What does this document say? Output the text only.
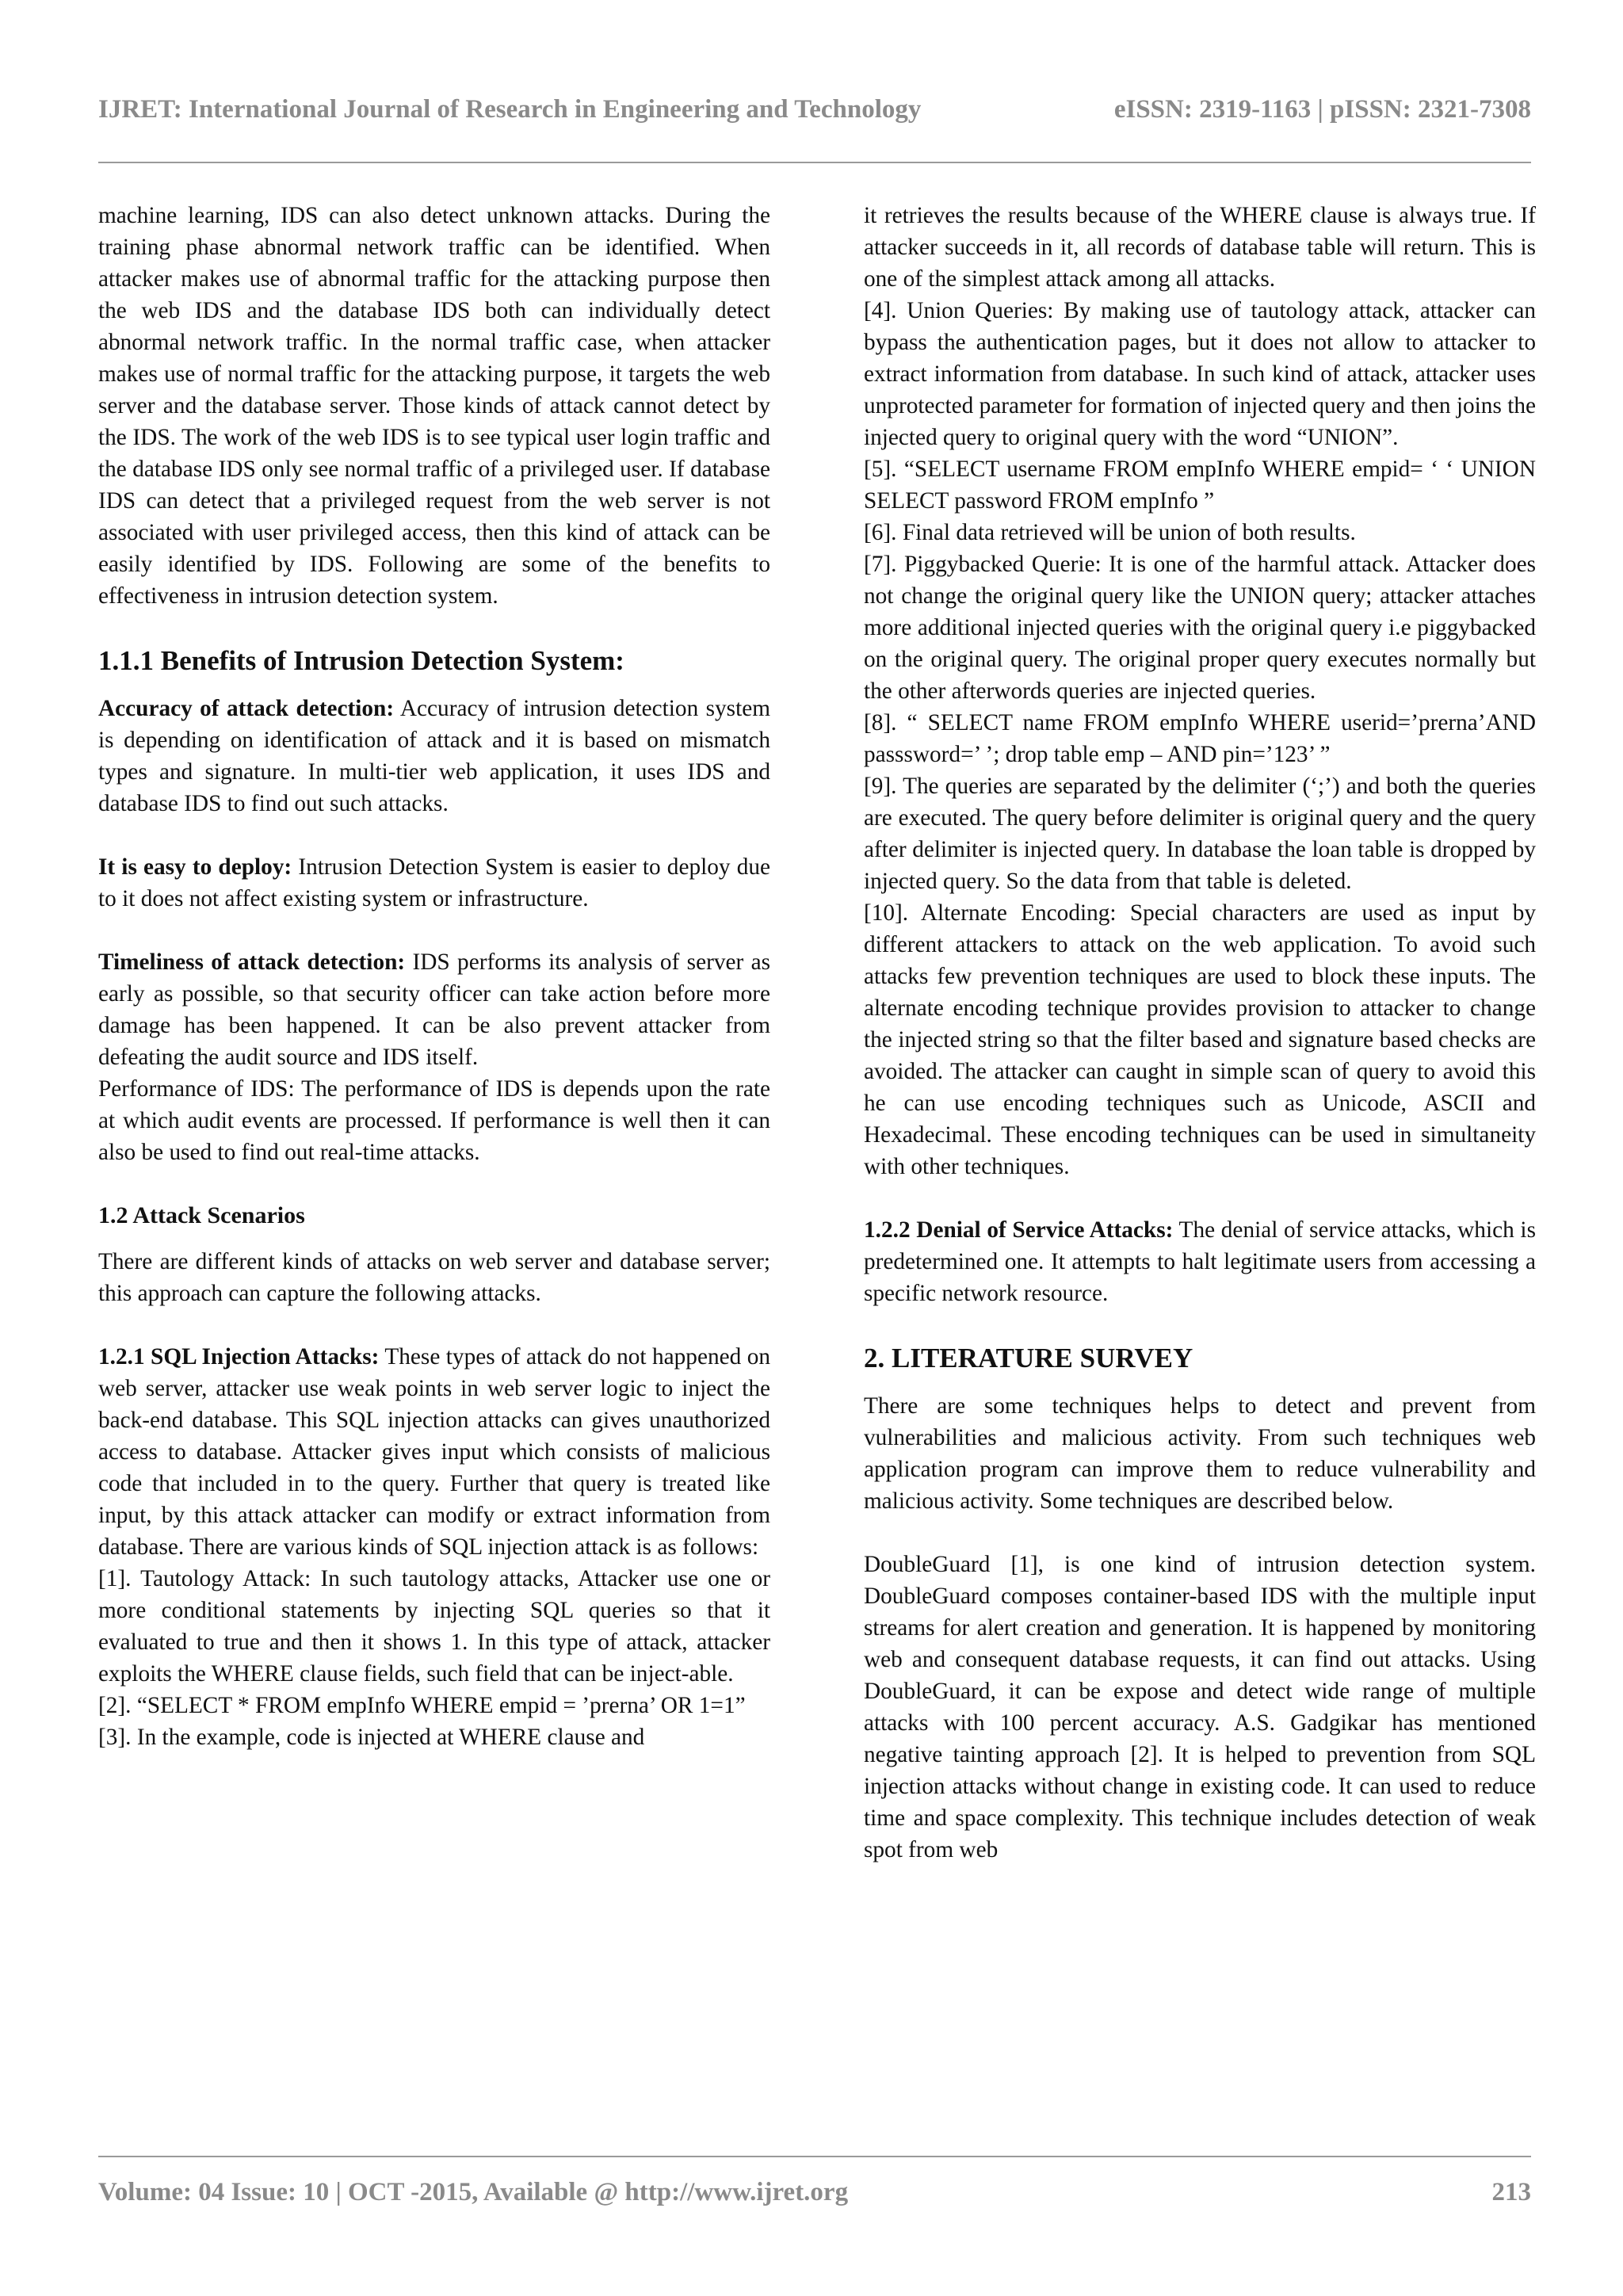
IJRET: International Journal of Research in Engineering and Technology	eISSN: 2319-1163 | pISSN: 2321-7308

machine learning, IDS can also detect unknown attacks. During the training phase abnormal network traffic can be identified. When attacker makes use of abnormal traffic for the attacking purpose then the web IDS and the database IDS both can individually detect abnormal network traffic. In the normal traffic case, when attacker makes use of normal traffic for the attacking purpose, it targets the web server and the database server. Those kinds of attack cannot detect by the IDS. The work of the web IDS is to see typical user login traffic and the database IDS only see normal traffic of a privileged user. If database IDS can detect that a privileged request from the web server is not associated with user privileged access, then this kind of attack can be easily identified by IDS. Following are some of the benefits to effectiveness in intrusion detection system.

1.1.1 Benefits of Intrusion Detection System:

Accuracy of attack detection: Accuracy of intrusion detection system is depending on identification of attack and it is based on mismatch types and signature. In multi-tier web application, it uses IDS and database IDS to find out such attacks.

It is easy to deploy: Intrusion Detection System is easier to deploy due to it does not affect existing system or infrastructure.

Timeliness of attack detection: IDS performs its analysis of server as early as possible, so that security officer can take action before more damage has been happened. It can be also prevent attacker from defeating the audit source and IDS itself.

Performance of IDS: The performance of IDS is depends upon the rate at which audit events are processed. If performance is well then it can also be used to find out real-time attacks.

1.2 Attack Scenarios

There are different kinds of attacks on web server and database server; this approach can capture the following attacks.

1.2.1 SQL Injection Attacks: These types of attack do not happened on web server, attacker use weak points in web server logic to inject the back-end database. This SQL injection attacks can gives unauthorized access to database. Attacker gives input which consists of malicious code that included in to the query. Further that query is treated like input, by this attack attacker can modify or extract information from database. There are various kinds of SQL injection attack is as follows:

[1]. Tautology Attack: In such tautology attacks, Attacker use one or more conditional statements by injecting SQL queries so that it evaluated to true and then it shows 1. In this type of attack, attacker exploits the WHERE clause fields, such field that can be inject-able.

[2]. “SELECT * FROM empInfo WHERE empid = ’prerna’ OR 1=1”

[3]. In the example, code is injected at WHERE clause and

it retrieves the results because of the WHERE clause is always true. If attacker succeeds in it, all records of database table will return. This is one of the simplest attack among all attacks.

[4]. Union Queries: By making use of tautology attack, attacker can bypass the authentication pages, but it does not allow to attacker to extract information from database. In such kind of attack, attacker uses unprotected parameter for formation of injected query and then joins the injected query to original query with the word “UNION”.

[5]. “SELECT username FROM empInfo WHERE empid= ‘ ‘ UNION SELECT password FROM empInfo ”

[6]. Final data retrieved will be union of both results.

[7]. Piggybacked Querie: It is one of the harmful attack. Attacker does not change the original query like the UNION query; attacker attaches more additional injected queries with the original query i.e piggybacked on the original query. The original proper query executes normally but the other afterwords queries are injected queries.

[8]. “ SELECT name FROM empInfo WHERE userid=’prerna’AND passsword=’ ’; drop table emp – AND pin=’123’ ”

[9]. The queries are separated by the delimiter (‘;’) and both the queries are executed. The query before delimiter is original query and the query after delimiter is injected query. In database the loan table is dropped by injected query. So the data from that table is deleted.

[10]. Alternate Encoding: Special characters are used as input by different attackers to attack on the web application. To avoid such attacks few prevention techniques are used to block these inputs. The alternate encoding technique provides provision to attacker to change the injected string so that the filter based and signature based checks are avoided. The attacker can caught in simple scan of query to avoid this he can use encoding techniques such as Unicode, ASCII and Hexadecimal. These encoding techniques can be used in simultaneity with other techniques.

1.2.2 Denial of Service Attacks: The denial of service attacks, which is predetermined one. It attempts to halt legitimate users from accessing a specific network resource.

2. LITERATURE SURVEY

There are some techniques helps to detect and prevent from vulnerabilities and malicious activity. From such techniques web application program can improve them to reduce vulnerability and malicious activity. Some techniques are described below.

DoubleGuard [1], is one kind of intrusion detection system. DoubleGuard composes container-based IDS with the multiple input streams for alert creation and generation. It is happened by monitoring web and consequent database requests, it can find out attacks. Using DoubleGuard, it can be expose and detect wide range of multiple attacks with 100 percent accuracy. A.S. Gadgikar has mentioned negative tainting approach [2]. It is helped to prevention from SQL injection attacks without change in existing code. It can used to reduce time and space complexity. This technique includes detection of weak spot from web

Volume: 04 Issue: 10 | OCT -2015, Available @ http://www.ijret.org	213
